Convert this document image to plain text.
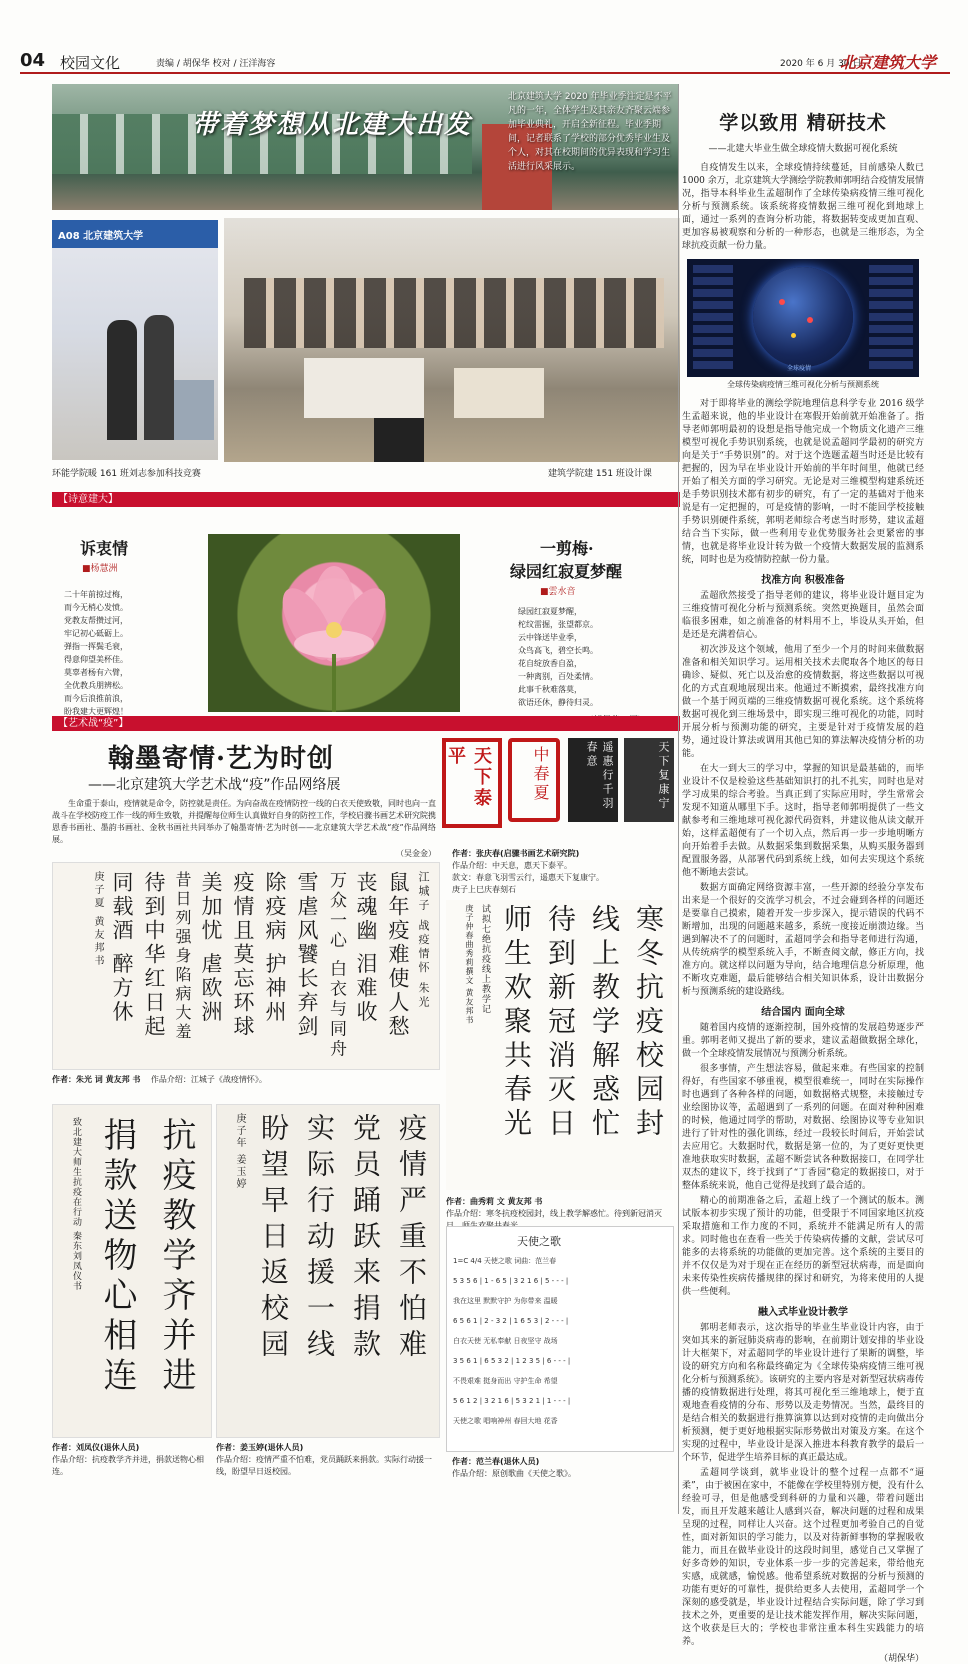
04 校园文化	责编 / 胡保华 校对 / 汪洋海容	2020 年 6 月 30 日
北京建筑大学
带着梦想从北建大出发
北京建筑大学 2020 年毕业季注定是不平凡的一年，全体学生及其亲友齐聚云端参加毕业典礼，开启全新征程。毕业季期间，记者联系了学校的部分优秀毕业生及个人，对其在校期间的优异表现和学习生活进行风采展示。
A08 北京建筑大学
环能学院暖 161 班刘志参加科技竞赛	建筑学院建 151 班设计课
【诗意建大】
诉衷情
■杨慧洲
二十年前掠过梅，
而今无梢心发愤。
党教友帮攒过河，
牢记初心砥砺上。
弹指一挥鬓毛衰，
得意仰望美杯佳。
莫辜者杨有六臂，
全优教兵朋辨松。
而今后浪推前浪，
盼我建大更辉煌！
一剪梅·
绿园红寂夏梦醒
■雲水音
绿园红寂夏梦醒，
柁纹雷掘，张望都京。
云中锋送毕业季，
众鸟高飞，碧空长鸣。
花自绽放香自盈，
一种离别，百处柔情。
此事千秋难落莫，
欲语还休，静待归灵。
【艺术战“疫”】
翰墨寄情·艺为时创
——北京建筑大学艺术战“疫”作品网络展

生命重于泰山，疫情就是命令，防控就是责任。为向奋战在疫情防控一线的白衣天使致敬，同时也向一直战斗在学校防疫工作一线的师生致敬，并提醒每位师生认真做好自身的防控工作，学校启骤书画艺术研究院携恩香书画社、墨韵书画社、金秋书画社共同举办了翰墨寄情·艺为时创——北京建筑大学艺术战“疫”作品网络展。

（吴金金）
天下泰平	中春夏	遥惠行千羽春意	天下复康宁
作者：张庆春(启骤书画艺术研究院)
作品介绍：中天息，惠天下泰平。
款文：春意飞羽雪云行，遥惠天下复康宁。
庚子上巳庆春刻石
江城子 战疫情怀 朱光
鼠年疫难使人愁
丧魂幽 泪难收
万众一心 白衣与同舟
雪虐风饕长弃剑
除疫病 护神州
疫情且莫忘环球
美加忧 虐欧洲
昔日列强身陷病大羞
待到中华红日起
同载酒 醉方休
庚子夏 黄友邦书
作者：朱光 词 黄友邦 书 作品介绍：江城子《战疫情怀》。	寒冬抗疫校园封
线上教学解惑忙
待到新冠消灭日
师生欢聚共春光
试拟七绝抗疫线上教学记
庚子仲春曲秀莉撰文 黄友邦书
作者：曲秀莉 文 黄友邦 书
作品介绍：寒冬抗疫校园封，线上教学解惑忙。待到新冠消灭
抗疫教学齐并进
捐款送物心相连
致北建大师生抗疫在行动 秦东刘凤仪书
作者：刘凤仪(退休人员)
作品介绍：抗疫教学齐并进，捐款送物心相连。
疫情严重不怕难
党员踊跃来捐款
实际行动援一线
盼望早日返校园
庚子年 姜玉婷
作者：姜玉婷(退休人员)
作品介绍：疫情严重不怕难，党员踊跃来捐款。实际行动援一线，盼望早日返校园。
天使之歌
1=C 4/4 天使之歌 词曲：范兰春
5 3 5 6 | 1 - 6 5 | 3 2 1 6 | 5 - - - |
我在这里 默默守护 为你带来 温暖
6 5 6 1 | 2 - 3 2 | 1 6 5 3 | 2 - - - |
白衣天使 无私奉献 日夜坚守 战场
3 5 6 1 | 6 5 3 2 | 1 2 3 5 | 6 - - - |
不畏艰难 挺身而出 守护生命 希望
5 6 1 2 | 3 2 1 6 | 5 3 2 1 | 1 - - - |
天使之歌 唱响神州 春回大地 花香
作者：范兰春(退休人员)
作品介绍：原创歌曲《天使之歌》。
学以致用 精研技术
——北建大毕业生做全球疫情大数据可视化系统

自疫情发生以来，全球疫情持续蔓延，目前感染人数已 1000 余万，北京建筑大学测绘学院教师郭明结合疫情发展情况，指导本科毕业生孟超制作了全球传染病疫情三维可视化分析与预测系统。该系统将疫情数据三维可视化到地球上面，通过一系列的查询分析功能，将数据转变成更加直观、更加容易被观察和分析的一种形态，也就是三维形态，为全球抗疫贡献一份力量。

全球疫情
全球传染病疫情三维可视化分析与预测系统

对于即将毕业的测绘学院地理信息科学专业 2016 级学生孟超来说，他的毕业设计在寒假开始前就开始准备了。指导老师郭明最初的设想是指导他完成一个物质文化遗产三维模型可视化手势识别系统，也就是说孟超同学最初的研究方向是关于“手势识别”的。对于这个选题孟超当时还是比较有把握的，因为早在毕业设计开始前的半年时间里，他就已经开始了相关方面的学习研究。无论是对三维模型构建系统还是手势识别技术都有初步的研究，有了一定的基础对于他来说是有一定把握的，可是疫情的影响，一时不能回学校接触手势识别硬件系统，郭明老师综合考虑当时形势，建议孟超结合当下实际，做一些利用专业优势服务社会更紧密的事情，也就是将毕业设计转为做一个疫情大数据发展的监测系统，同时也是为疫情防控献一份力量。

找准方向 积极准备

孟超欣然接受了指导老师的建议，将毕业设计题目定为三维疫情可视化分析与预测系统。突然更换题目，虽然会面临很多困难，如之前准备的材料用不上，毕设从头开始，但是还是充满着信心。

初次涉及这个领域，他用了至少一个月的时间来做数据准备和相关知识学习。运用相关技术去爬取各个地区的每日确诊、疑似、死亡以及治愈的疫情数据，将这些数据以可视化的方式直观地展现出来。他通过不断摸索，最终找准方向做一个基于网页端的三维疫情数据可视化系统。这个系统将数据可视化到三维场景中，即实现三维可视化的功能，同时开展分析与预测功能的研究，主要是针对于疫情发展的趋势，通过设计算法或调用其他已知的算法解决疫情分析的功能。

在大一到大三的学习中，掌握的知识是最基础的，而毕业设计不仅是检验这些基础知识打的扎不扎实，同时也是对学习成果的综合考验。当真正到了实际应用时，学生常常会发现不知道从哪里下手。这时，指导老师郭明提供了一些文献参考和三维地球可视化源代码资料，并建议他从读文献开始，这样孟超便有了一个切入点，然后再一步一步地明晰方向开始着手去做。从数据采集到数据采集，从购买服务器到配置服务器，从部署代码到系统上线，如何去实现这个系统他不断地去尝试。

数据方面确定网络资源丰富，一些开源的经验分享发布出来是一个很好的交流学习机会，不过会碰到各样的问题还是要靠自己摸索，随着开发一步步深入，提示错误的代码不断增加，出现的问题越来越多，系统一度接近崩溃边缘。当遇到解决不了的问题时，孟超同学会和指导老师进行沟通，从传统病学的模型系统入手，不断查阅文献，修正方向，找准方向。就这样以问题为导向，结合地理信息分析原理，他不断攻克难题，最后能够结合相关知识体系，设计出数据分析与预测系统的建设路线。

结合国内 面向全球

随着国内疫情的逐渐控制，国外疫情的发展趋势逐步严重。郭明老师又提出了新的要求，建议孟超做数据全球化，做一个全球疫情发展情况与预测分析系统。

很多事情，产生想法容易，做起来难。有些国家的控制得好，有些国家不够重视，模型很难统一，同时在实际操作时也遇到了各种各样的问题，如数据格式规整，未接触过专业绘图协议等，孟超遇到了一系列的问题。在面对种种困难的时候，他通过同学的帮助，对数据、绘图协议等专业知识进行了针对性的强化训练，经过一段较长时间后，开始尝试去应用它。大数据时代，数据是第一位的，为了更好更快更准地获取实时数据，孟超不断尝试各种数据接口，在同学壮双杰的建议下，终于找到了“丁香园”稳定的数据接口，对于整体系统来说，他自己觉得是找到了最合适的。

精心的前期准备之后，孟超上线了一个测试的版本。测试版本初步实现了预计的功能，但受限于不同国家地区抗疫采取措施和工作力度的不同，系统并不能满足所有人的需求。同时他也在查看一些关于传染病传播的文献，尝试尽可能多的去将系统的功能做的更加完善。这个系统的主要目的并不仅仅是为对于现在正在经历的新型冠状病毒，而是面向未来传染性疾病传播规律的探讨和研究，为将来使用的人提供一些便利。

融入式毕业设计教学

郭明老师表示，这次指导的毕业生毕业设计内容，由于突如其来的新冠肺炎病毒的影响，在前期计划安排的毕业设计大框架下，对孟超同学的毕业设计进行了果断的调整，毕设的研究方向和名称最终确定为《全球传染病疫情三维可视化分析与预测系统》。该研究的主要内容是对新型冠状病毒传播的疫情数据进行处理，将其可视化至三维地球上，便于直观地查看疫情的分布、形势以及走势情况。当然，最终目的是结合相关的数据进行推算演算以达到对疫情的走向做出分析预测，便于更好地根据实际形势做出对策及方案。在这个实现的过程中，毕业设计是深入推进本科教育教学的最后一个环节，促进学生培养目标的真正最达成。

孟超同学谈到，就毕业设计的整个过程一点都不“逼柔”，由于被困在家中，不能像在学校里特别方便，没有什么经验可寻，但是他感受到科研的力量和兴趣，带着问题出发，而且开发越来越让人感到兴奋，解决问题的过程和成果呈现的过程，同样让人兴奋。这个过程更加考验自己的自觉性，面对新知识的学习能力，以及对待新鲜事物的掌握吸收能力，而且在做毕业设计的这段时间里，感觉自己又掌握了好多奇妙的知识，专业体系一步一步的完善起来，带给他充实感，成就感，愉悦感。他希望系统对数据的分析与预测的功能有更好的可靠性，提供给更多人去使用，孟超同学一个深刻的感受就是，毕业设计过程结合实际问题，除了学习到技术之外，更重要的是让技术能发挥作用，解决实际问题，这个收获是巨大的；学校也非常注重本科生实践能力的培养。

（胡保华）
